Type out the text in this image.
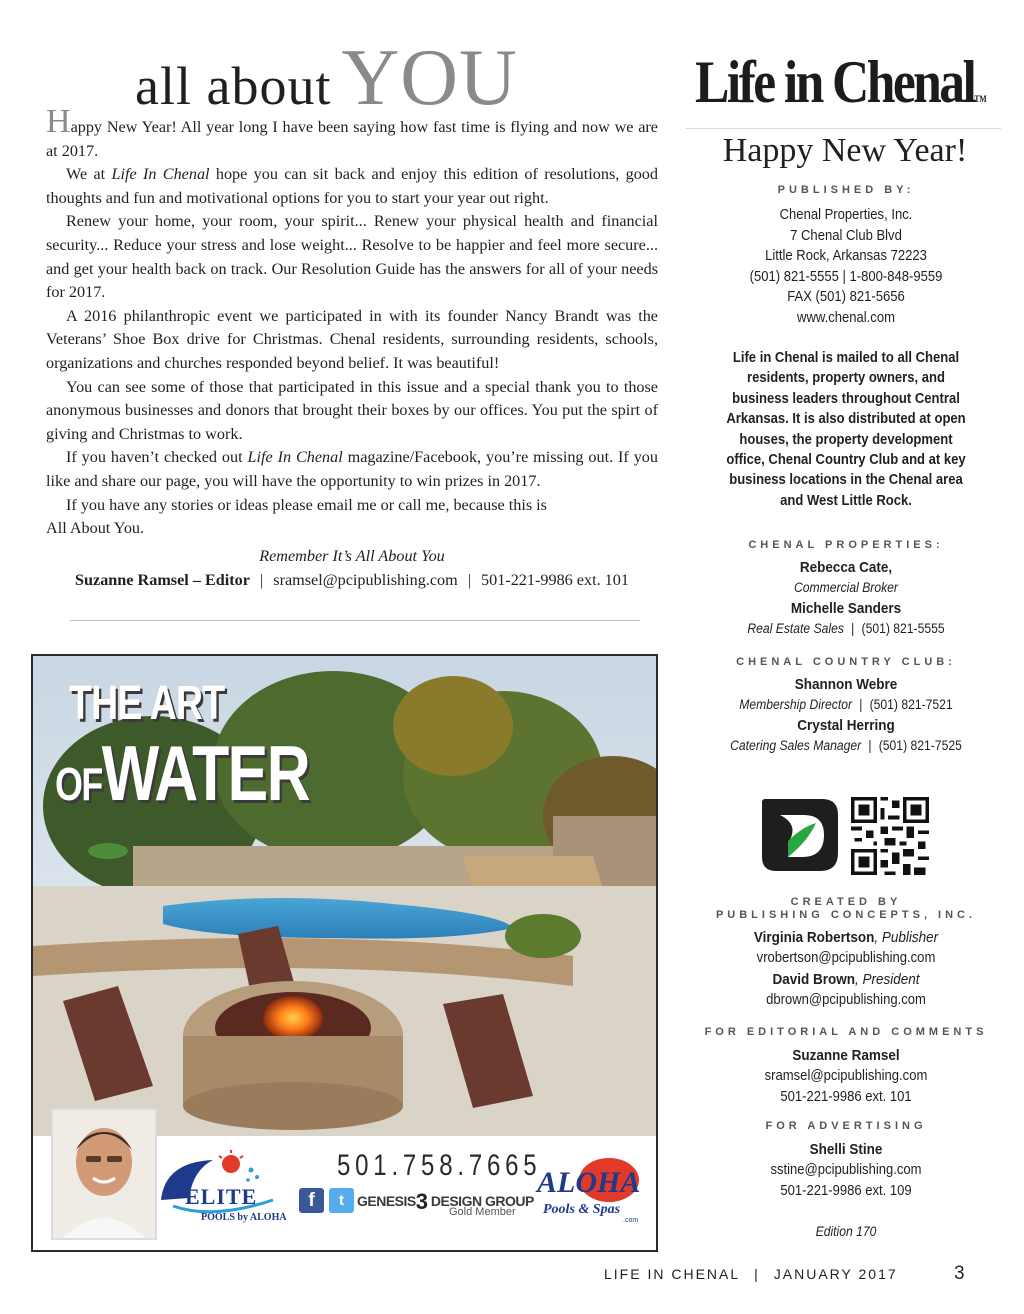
all about YOU

Happy New Year! All year long I have been saying how fast time is flying and now we are at 2017.

We at Life In Chenal hope you can sit back and enjoy this edition of resolutions, good thoughts and fun and motivational options for you to start your year out right.

Renew your home, your room, your spirit... Renew your physical health and financial security... Reduce your stress and lose weight... Resolve to be happier and feel more secure... and get your health back on track. Our Resolution Guide has the answers for all of your needs for 2017.

A 2016 philanthropic event we participated in with its founder Nancy Brandt was the Veterans’ Shoe Box drive for Christmas. Chenal residents, surrounding residents, schools, organizations and churches responded beyond belief. It was beautiful!

You can see some of those that participated in this issue and a special thank you to those anonymous businesses and donors that brought their boxes by our offices. You put the spirt of giving and Christmas to work.

If you haven’t checked out Life In Chenal magazine/Facebook, you’re missing out. If you like and share our page, you will have the opportunity to win prizes in 2017.

If you have any stories or ideas please email me or call me, because this is

All About You.

Remember It’s All About You
Suzanne Ramsel – Editor | sramsel@pcipublishing.com | 501-221-9986 ext. 101
THE ART
OFWATER
ELITE
POOLS by ALOHA
501.758.7665
f	t GENESIS3 DESIGN GROUP
Gold Member
ALOHA
Pools & Spas
.com
Life in ChenalTM
Happy New Year!
PUBLISHED BY:
Chenal Properties, Inc.
7 Chenal Club Blvd
Little Rock, Arkansas 72223
(501) 821-5555 | 1-800-848-9559
FAX (501) 821-5656
www.chenal.com
Life in Chenal is mailed to all Chenal residents, property owners, and business leaders throughout Central Arkansas. It is also distributed at open houses, the property development office, Chenal Country Club and at key business locations in the Chenal area and West Little Rock.
CHENAL PROPERTIES:
Rebecca Cate,
Commercial Broker
Michelle Sanders
Real Estate Sales | (501) 821-5555
CHENAL COUNTRY CLUB:
Shannon Webre
Membership Director | (501) 821-7521
Crystal Herring
Catering Sales Manager | (501) 821-7525
CREATED BY
PUBLISHING CONCEPTS, INC.
Virginia Robertson, Publisher
vrobertson@pcipublishing.com
David Brown, President
dbrown@pcipublishing.com
FOR EDITORIAL AND COMMENTS
Suzanne Ramsel
sramsel@pcipublishing.com
501-221-9986 ext. 101
FOR ADVERTISING
Shelli Stine
sstine@pcipublishing.com
501-221-9986 ext. 109
Edition 170
LIFE IN CHENAL | JANUARY 2017	3
